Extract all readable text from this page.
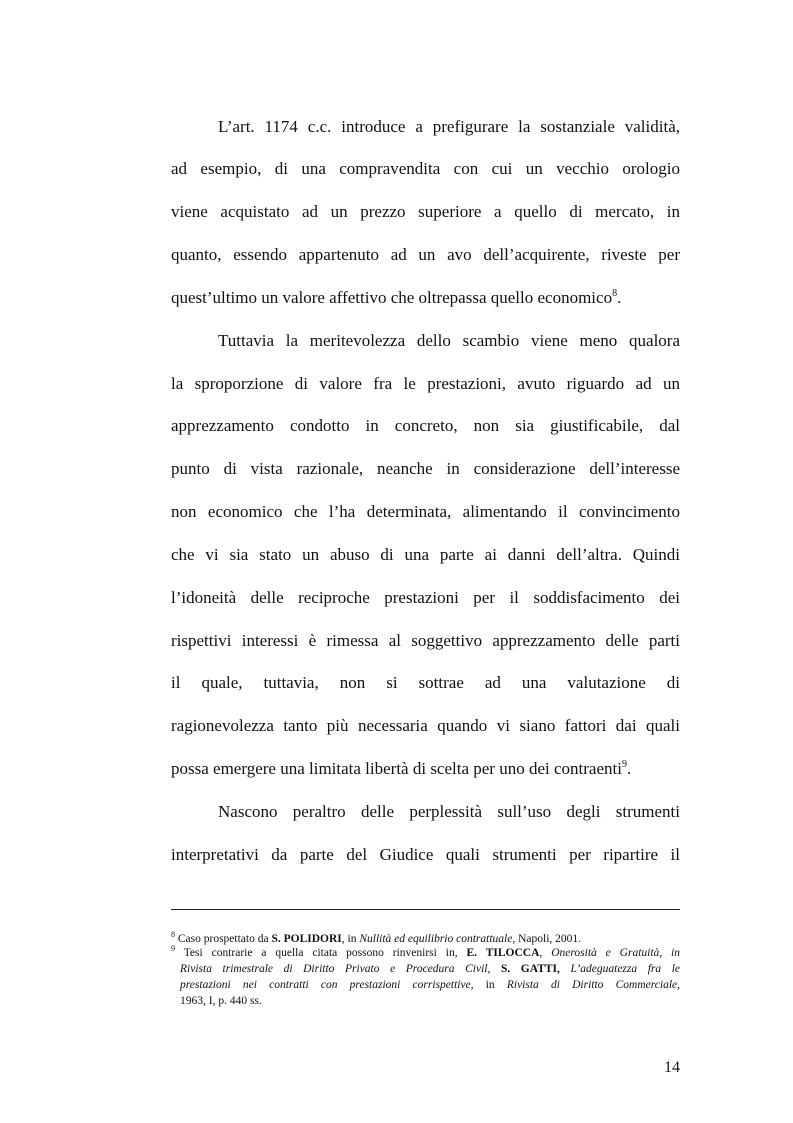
L’art. 1174 c.c. introduce a prefigurare la sostanziale validità,
ad esempio, di una compravendita con cui un vecchio orologio
viene acquistato ad un prezzo superiore a quello di mercato, in
quanto, essendo appartenuto ad un avo dell’acquirente, riveste per
quest’ultimo un valore affettivo che oltrepassa quello economico$^8$.
Tuttavia la meritevolezza dello scambio viene meno qualora
la sproporzione di valore fra le prestazioni, avuto riguardo ad un
apprezzamento condotto in concreto, non sia giustificabile, dal
punto di vista razionale, neanche in considerazione dell’interesse
non economico che l’ha determinata, alimentando il convincimento
che vi sia stato un abuso di una parte ai danni dell’altra. Quindi
l’idoneità delle reciproche prestazioni per il soddisfacimento dei
rispettivi interessi è rimessa al soggettivo apprezzamento delle parti
il quale, tuttavia, non si sottrae ad una valutazione di
ragionevolezza tanto più necessaria quando vi siano fattori dai quali
possa emergere una limitata libertà di scelta per uno dei contraenti$^9$.
Nascono peraltro delle perplessità sull’uso degli strumenti
interpretativi da parte del Giudice quali strumenti per ripartire il
$^8$ Caso prospettato da S. POLIDORI, in Nullità ed equilibrio contrattuale, Napoli, 2001.
$^9$ Tesi contrarie a quella citata possono rinvenirsi in, E. TILOCCA, Onerosità e Gratuità, in
Rivista trimestrale di Diritto Privato e Procedura Civil, S. GATTI, L’adeguatezza fra le
prestazioni nei contratti con prestazioni corrispettive, in Rivista di Diritto Commerciale,
1963, I, p. 440 ss.
14
